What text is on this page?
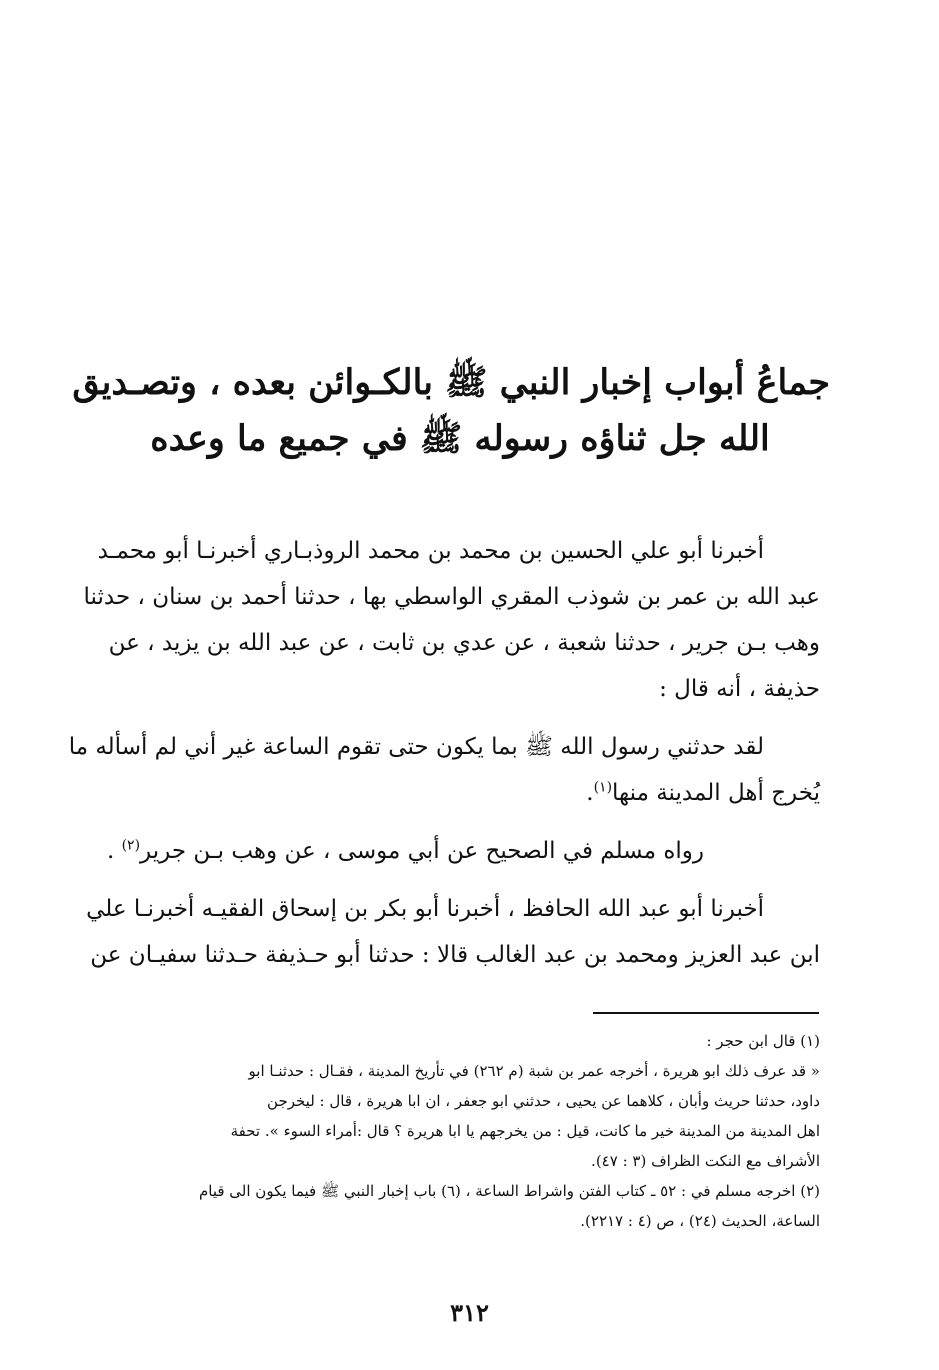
جماعُ أبواب إخبار النبي ﷺ بالكـوائن بعده ، وتصـديق
الله جل ثناؤه رسوله ﷺ في جميع ما وعده

أخبرنا أبو علي الحسين بن محمد بن محمد الروذبـاري أخبرنـا أبو محمـد
عبد الله بن عمر بن شوذب المقري الواسطي بها ، حدثنا أحمد بن سنان ، حدثنا
وهب بـن جرير ، حدثنا شعبة ، عن عدي بن ثابت ، عن عبد الله بن يزيد ، عن
حذيفة ، أنه قال :

لقد حدثني رسول الله ﷺ بما يكون حتى تقوم الساعة غير أني لم أسأله ما
يُخرج أهل المدينة منها$^{(١)}$.

رواه مسلم في الصحيح عن أبي موسى ، عن وهب بـن جرير$^{(٢)}$ .

أخبرنا أبو عبد الله الحافظ ، أخبرنا أبو بكر بن إسحاق الفقيـه أخبرنـا علي
ابن عبد العزيز ومحمد بن عبد الغالب قالا : حدثنا أبو حـذيفة حـدثنا سفيـان عن

(١) قال ابن حجر :
« قد عرف ذلك ابو هريرة ، أخرجه عمر بن شبة (م ٢٦٢) في تأريخ المدينة ، فقـال : حدثنـا ابو
داود، حدثنا حريث وأبان ، كلاهما عن يحيى ، حدثني ابو جعفر ، ان ابا هريرة ، قال : ليخرجن
اهل المدينة من المدينة خير ما كانت، قيل : من يخرجهم يا ابا هريرة ؟ قال :أمراء السوء ». تحفة
الأشراف مع النكت الظراف (٣ : ٤٧).
(٢) اخرجه مسلم في : ٥٢ ـ كتاب الفتن واشراط الساعة ، (٦) باب إخبار النبي ﷺ فيما يكون الى قيام
الساعة، الحديث (٢٤) ، ص (٤ : ٢٢١٧).
٣١٢
